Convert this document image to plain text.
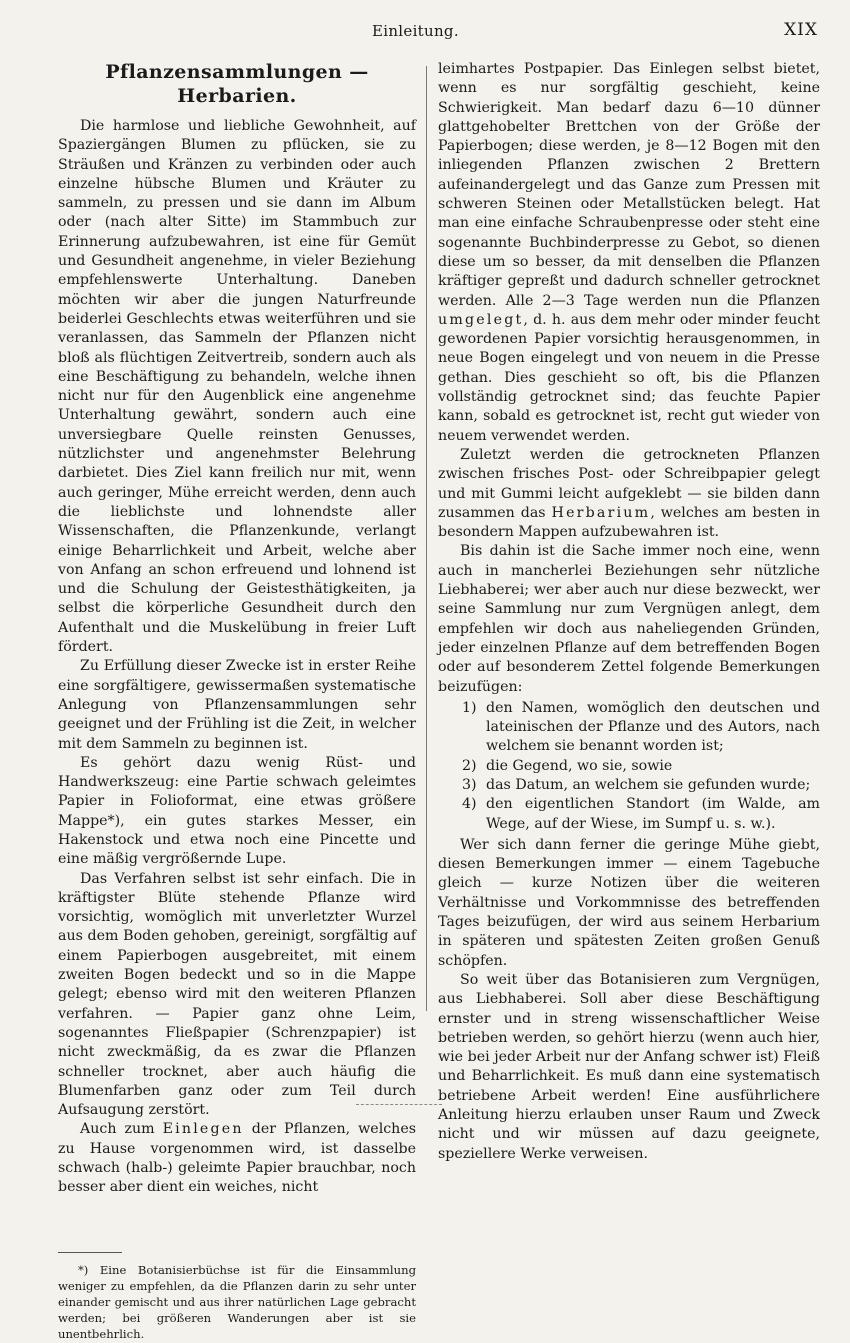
Einleitung.	XIX
Pflanzensammlungen — Herbarien.

Die harmlose und liebliche Gewohnheit, auf Spaziergängen Blumen zu pflücken, sie zu Sträußen und Kränzen zu verbinden oder auch einzelne hübsche Blumen und Kräuter zu sammeln, zu pressen und sie dann im Album oder (nach alter Sitte) im Stammbuch zur Erinnerung aufzubewahren, ist eine für Gemüt und Gesundheit angenehme, in vieler Beziehung empfehlenswerte Unterhaltung. Daneben möchten wir aber die jungen Naturfreunde beiderlei Geschlechts etwas weiterführen und sie veranlassen, das Sammeln der Pflanzen nicht bloß als flüchtigen Zeitvertreib, sondern auch als eine Beschäftigung zu behandeln, welche ihnen nicht nur für den Augenblick eine angenehme Unterhaltung gewährt, sondern auch eine unversiegbare Quelle reinsten Genusses, nützlichster und angenehmster Belehrung darbietet. Dies Ziel kann freilich nur mit, wenn auch geringer, Mühe erreicht werden, denn auch die lieblichste und lohnendste aller Wissenschaften, die Pflanzenkunde, verlangt einige Beharrlichkeit und Arbeit, welche aber von Anfang an schon erfreuend und lohnend ist und die Schulung der Geistesthätigkeiten, ja selbst die körperliche Gesundheit durch den Aufenthalt und die Muskelübung in freier Luft fördert.

Zu Erfüllung dieser Zwecke ist in erster Reihe eine sorgfältigere, gewissermaßen systematische Anlegung von Pflanzensammlungen sehr geeignet und der Frühling ist die Zeit, in welcher mit dem Sammeln zu beginnen ist.

Es gehört dazu wenig Rüst- und Handwerkszeug: eine Partie schwach geleimtes Papier in Folioformat, eine etwas größere Mappe*), ein gutes starkes Messer, ein Hakenstock und etwa noch eine Pincette und eine mäßig vergrößernde Lupe.

Das Verfahren selbst ist sehr einfach. Die in kräftigster Blüte stehende Pflanze wird vorsichtig, womöglich mit unverletzter Wurzel aus dem Boden gehoben, gereinigt, sorgfältig auf einem Papierbogen ausgebreitet, mit einem zweiten Bogen bedeckt und so in die Mappe gelegt; ebenso wird mit den weiteren Pflanzen verfahren. — Papier ganz ohne Leim, sogenanntes Fließpapier (Schrenzpapier) ist nicht zweckmäßig, da es zwar die Pflanzen schneller trocknet, aber auch häufig die Blumenfarben ganz oder zum Teil durch Aufsaugung zerstört.

Auch zum Einlegen der Pflanzen, welches zu Hause vorgenommen wird, ist dasselbe schwach (halb-) geleimte Papier brauchbar, noch besser aber dient ein weiches, nicht

*) Eine Botanisierbüchse ist für die Einsammlung weniger zu empfehlen, da die Pflanzen darin zu sehr unter einander gemischt und aus ihrer natürlichen Lage gebracht werden; bei größeren Wanderungen aber ist sie unentbehrlich.

leimhartes Postpapier. Das Einlegen selbst bietet, wenn es nur sorgfältig geschieht, keine Schwierigkeit. Man bedarf dazu 6—10 dünner glattgehobelter Brettchen von der Größe der Papierbogen; diese werden, je 8—12 Bogen mit den inliegenden Pflanzen zwischen 2 Brettern aufeinandergelegt und das Ganze zum Pressen mit schweren Steinen oder Metallstücken belegt. Hat man eine einfache Schraubenpresse oder steht eine sogenannte Buchbinderpresse zu Gebot, so dienen diese um so besser, da mit denselben die Pflanzen kräftiger gepreßt und dadurch schneller getrocknet werden. Alle 2—3 Tage werden nun die Pflanzen umgelegt, d. h. aus dem mehr oder minder feucht gewordenen Papier vorsichtig herausgenommen, in neue Bogen eingelegt und von neuem in die Presse gethan. Dies geschieht so oft, bis die Pflanzen vollständig getrocknet sind; das feuchte Papier kann, sobald es getrocknet ist, recht gut wieder von neuem verwendet werden.

Zuletzt werden die getrockneten Pflanzen zwischen frisches Post- oder Schreibpapier gelegt und mit Gummi leicht aufgeklebt — sie bilden dann zusammen das Herbarium, welches am besten in besondern Mappen aufzubewahren ist.

Bis dahin ist die Sache immer noch eine, wenn auch in mancherlei Beziehungen sehr nützliche Liebhaberei; wer aber auch nur diese bezweckt, wer seine Sammlung nur zum Vergnügen anlegt, dem empfehlen wir doch aus naheliegenden Gründen, jeder einzelnen Pflanze auf dem betreffenden Bogen oder auf besonderem Zettel folgende Bemerkungen beizufügen:

1) den Namen, womöglich den deutschen und lateinischen der Pflanze und des Autors, nach welchem sie benannt worden ist;
2) die Gegend, wo sie, sowie
3) das Datum, an welchem sie gefunden wurde;
4) den eigentlichen Standort (im Walde, am Wege, auf der Wiese, im Sumpf u. s. w.).

Wer sich dann ferner die geringe Mühe giebt, diesen Bemerkungen immer — einem Tagebuche gleich — kurze Notizen über die weiteren Verhältnisse und Vorkommnisse des betreffenden Tages beizufügen, der wird aus seinem Herbarium in späteren und spätesten Zeiten großen Genuß schöpfen.

So weit über das Botanisieren zum Vergnügen, aus Liebhaberei. Soll aber diese Beschäftigung ernster und in streng wissenschaftlicher Weise betrieben werden, so gehört hierzu (wenn auch hier, wie bei jeder Arbeit nur der Anfang schwer ist) Fleiß und Beharrlichkeit. Es muß dann eine systematisch betriebene Arbeit werden! Eine ausführlichere Anleitung hierzu erlauben unser Raum und Zweck nicht und wir müssen auf dazu geeignete, speziellere Werke verweisen.
